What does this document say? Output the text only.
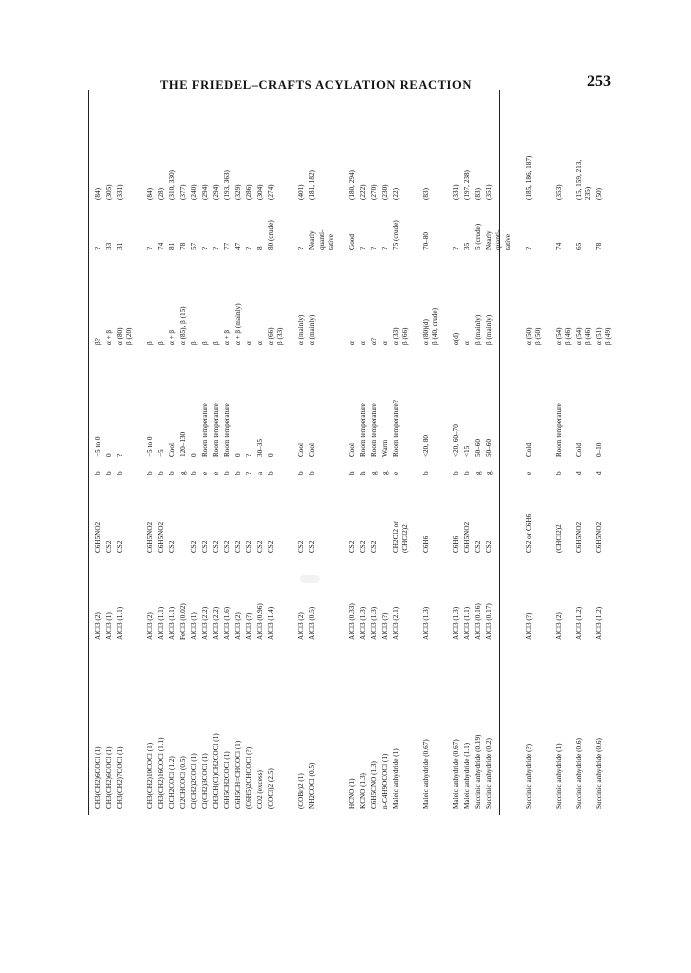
THE FRIEDEL–CRAFTS ACYLATION REACTION	253
CH3(CH2)6COCl (1)
AlCl3 (2)
C6H5NO2
b
−5 to 0
β?
?
(84)
CH3(CH2)6COCl (1)
AlCl3 (1)
CS2
b
0
α + β
33
(305)
CH3(CH2)7COCl (1)
AlCl3 (1.1)
CS2
b
?
α (80) β (20)
31
(331)
CH3(CH2)10COCl (1)
AlCl3 (2)
C6H5NO2
b
−5 to 0
β
?
(84)
CH3(CH2)16COCl (1.1)
AlCl3 (1.1)
C6H5NO2
b
−5
β
74
(28)
ClCH2COCl (1.2)
AlCl3 (1.1)
CS2
b
Cool
α + β
81
(310, 330)
Cl2CHCOCl (0.5)
FeCl3 (0.02)
g
120–130
α (85), β (15)
78
(377)
Cl(CH2)2COCl (1)
AlCl3 (1)
CS2
b
0
β
57
(240)
Cl(CH2)3COCl (1)
AlCl3 (2.2)
CS2
e
Room temperature
β
?
(294)
CH3CH(Cl)CH2COCl (1)
AlCl3 (2.2)
CS2
e
Room temperature
β
?
(294)
C6H5CH2COCl (1)
AlCl3 (1.6)
CS2
b
Room temperature
α + β
77
(193, 363)
C6H5CH=CHCOCl (1)
AlCl3 (2)
CS2
b
0
α + β (mainly)
47
(329)
(C6H5)2CHCOCl (?)
AlCl3 (?)
CS2
?
?
α
?
(286)
CO2 (excess)
AlCl3 (0.96)
CS2
a
30–35
α
8
(304)
(COCl)2 (2.5)
AlCl3 (1.4)
CS2
b
0
α (66) β (33)
80 (crude)
(274)
(COBr)2 (1)
AlCl3 (2)
CS2
b
Cool
α (mainly)
?
(401)
NH2COCl (0.5)
AlCl3 (0.5)
CS2
b
Cool
α (mainly)
Nearly quanti- tative
(181, 182)
HCNO (1)
AlCl3 (0.33)
CS2
h
Cool
α
Good
(180, 294)
KCNO (1.3)
AlCl3 (1.3)
CS2
h
Room temperature
α
?
(222)
C6H5CNO (1.3)
AlCl3 (1.3)
CS2
g
Room temperature
α?
?
(270)
n-C4H9OCOCl (1)
AlCl3 (?)
g
Warm
α
?
(230)
Maleic anhydride (1)
AlCl3 (2.1)
CH2Cl2 or (CHCl2)2
e
Room temperature?
α (33) β (66)
75 (crude)
(22)
Maleic anhydride (0.67)
AlCl3 (1.3)
C6H6
b
<20, 80
α (80)(d) β (40, crude)
70–80
(83)
Maleic anhydride (0.67)
AlCl3 (1.3)
C6H6
b
<20, 60–70
α(d)
?
(331)
Maleic anhydride (1.1)
AlCl3 (1.1)
C6H5NO2
b
<15
α
35
(197, 238)
Succinic anhydride (0.19)
AlCl3 (0.16)
CS2
g
50–60
β (mainly)
5 (crude)
(83)
Succinic anhydride (0.2)
AlCl3 (0.17)
CS2
g
50–60
β (mainly)
Nearly quanti- tative
(351)
Succinic anhydride (?)
AlCl3 (?)
CS2 or C6H6
e
Cold
α (50) β (50)
?
(185, 186, 187)
Succinic anhydride (1)
AlCl3 (2)
(CHCl2)2
b
Room temperature
α (54) β (46)
74
(353)
Succinic anhydride (0.6)
AlCl3 (1.2)
C6H5NO2
d
Cold
α (54) β (46)
65
(15, 159, 213, 235)
Succinic anhydride (0.6)
AlCl3 (1.2)
C6H5NO2
d
0–10
α (51) β (49)
78
(50)
